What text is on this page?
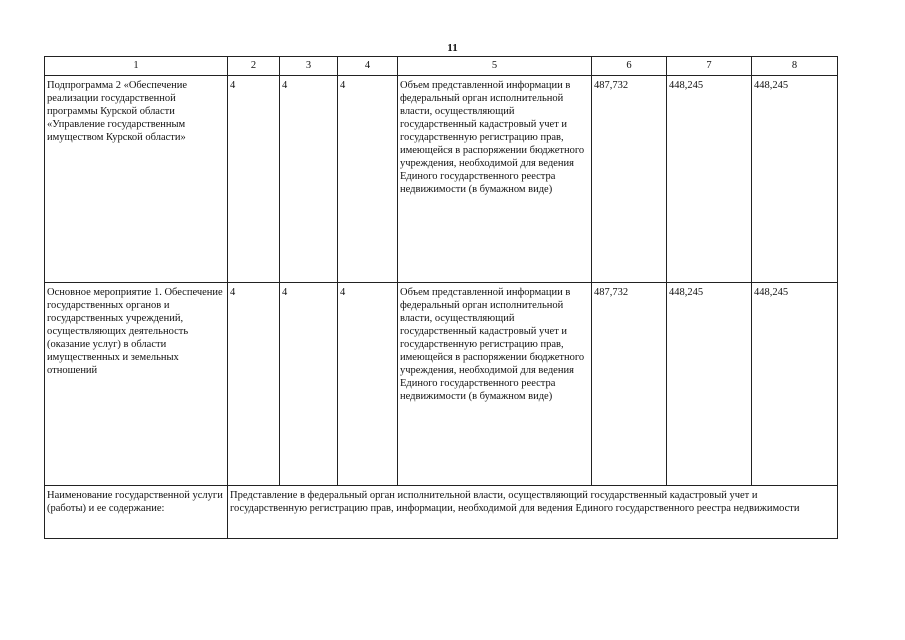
11
1	2	3	4	5	6	7	8
Подпрограмма 2 «Обеспечение реализации государственной программы Курской области «Управление государственным имуществом Курской области»	4	4	4	Объем представленной информации в федеральный орган исполнительной власти, осуществляющий государственный кадастровый учет и государственную регистрацию прав, имеющейся в распоряжении бюджетного учреждения, необходимой для ведения Единого государственного реестра недвижимости (в бумажном виде)	487,732	448,245	448,245
Основное мероприятие 1. Обеспечение государственных органов и государственных учреждений, осуществляющих деятельность (оказание услуг) в области имущественных и земельных отношений	4	4	4	Объем представленной информации в федеральный орган исполнительной власти, осуществляющий государственный кадастровый учет и государственную регистрацию прав, имеющейся в распоряжении бюджетного учреждения, необходимой для ведения Единого государственного реестра недвижимости (в бумажном виде)	487,732	448,245	448,245
Наименование государственной услуги (работы) и ее содержание:	Представление в федеральный орган исполнительной власти, осуществляющий государственный кадастровый учет и государственную регистрацию прав, информации, необходимой для ведения Единого государственного реестра недвижимости						
